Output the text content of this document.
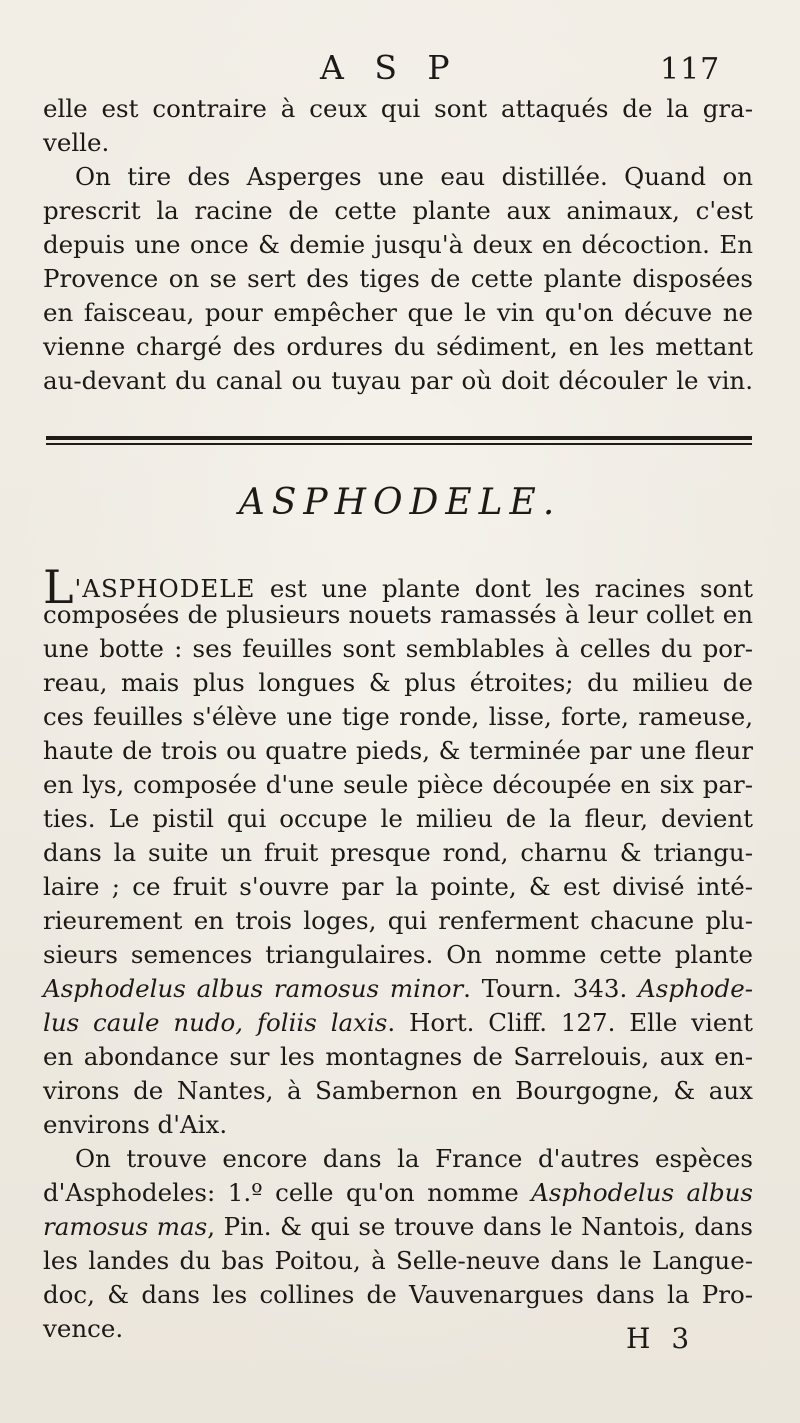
A S P	117
elle est contraire à ceux qui sont attaqués de la gra-
velle.
On tire des Asperges une eau distillée. Quand on
prescrit la racine de cette plante aux animaux, c'est
depuis une once & demie jusqu'à deux en décoction. En
Provence on se sert des tiges de cette plante disposées
en faisceau, pour empêcher que le vin qu'on décuve ne
vienne chargé des ordures du sédiment, en les mettant
au-devant du canal ou tuyau par où doit découler le vin.
ASPHODELE.
L'ASPHODELE est une plante dont les racines sont
composées de plusieurs nouets ramassés à leur collet en
une botte : ses feuilles sont semblables à celles du por-
reau, mais plus longues & plus étroites; du milieu de
ces feuilles s'élève une tige ronde, lisse, forte, rameuse,
haute de trois ou quatre pieds, & terminée par une fleur
en lys, composée d'une seule pièce découpée en six par-
ties. Le pistil qui occupe le milieu de la fleur, devient
dans la suite un fruit presque rond, charnu & triangu-
laire ; ce fruit s'ouvre par la pointe, & est divisé inté-
rieurement en trois loges, qui renferment chacune plu-
sieurs semences triangulaires. On nomme cette plante
Asphodelus albus ramosus minor. Tourn. 343. Asphode-
lus caule nudo, foliis laxis. Hort. Cliff. 127. Elle vient
en abondance sur les montagnes de Sarrelouis, aux en-
virons de Nantes, à Sambernon en Bourgogne, & aux
environs d'Aix.
On trouve encore dans la France d'autres espèces
d'Asphodeles: 1.º celle qu'on nomme Asphodelus albus
ramosus mas, Pin. & qui se trouve dans le Nantois, dans
les landes du bas Poitou, à Selle-neuve dans le Langue-
doc, & dans les collines de Vauvenargues dans la Pro-
vence.	H 3
